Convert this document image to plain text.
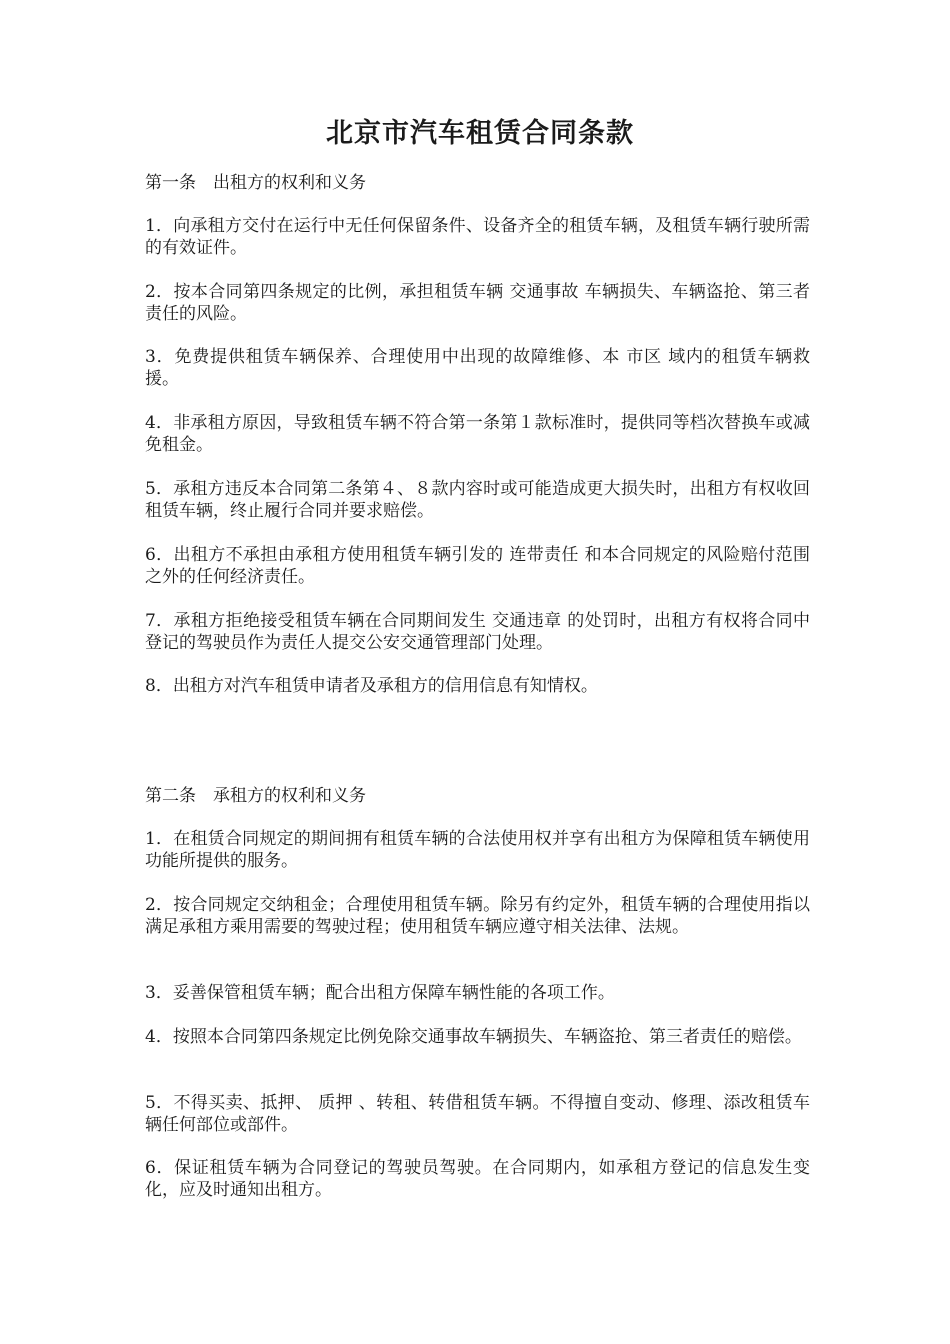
北京市汽车租赁合同条款

第一条　出租方的权利和义务

1．向承租方交付在运行中无任何保留条件、设备齐全的租赁车辆，及租赁车辆行驶所需的有效证件。

2．按本合同第四条规定的比例，承担租赁车辆 交通事故 车辆损失、车辆盗抢、第三者责任的风险。

3．免费提供租赁车辆保养、合理使用中出现的故障维修、本 市区 域内的租赁车辆救援。

4．非承租方原因，导致租赁车辆不符合第一条第１款标准时，提供同等档次替换车或减免租金。

5．承租方违反本合同第二条第４、８款内容时或可能造成更大损失时，出租方有权收回租赁车辆，终止履行合同并要求赔偿。

6．出租方不承担由承租方使用租赁车辆引发的 连带责任 和本合同规定的风险赔付范围之外的任何经济责任。

7．承租方拒绝接受租赁车辆在合同期间发生 交通违章 的处罚时，出租方有权将合同中登记的驾驶员作为责任人提交公安交通管理部门处理。

8．出租方对汽车租赁申请者及承租方的信用信息有知情权。

第二条　承租方的权利和义务

1．在租赁合同规定的期间拥有租赁车辆的合法使用权并享有出租方为保障租赁车辆使用功能所提供的服务。

2．按合同规定交纳租金；合理使用租赁车辆。除另有约定外，租赁车辆的合理使用指以满足承租方乘用需要的驾驶过程；使用租赁车辆应遵守相关法律、法规。

3．妥善保管租赁车辆；配合出租方保障车辆性能的各项工作。

4．按照本合同第四条规定比例免除交通事故车辆损失、车辆盗抢、第三者责任的赔偿。

5．不得买卖、抵押、 质押 、转租、转借租赁车辆。不得擅自变动、修理、添改租赁车辆任何部位或部件。

6．保证租赁车辆为合同登记的驾驶员驾驶。在合同期内，如承租方登记的信息发生变化，应及时通知出租方。
